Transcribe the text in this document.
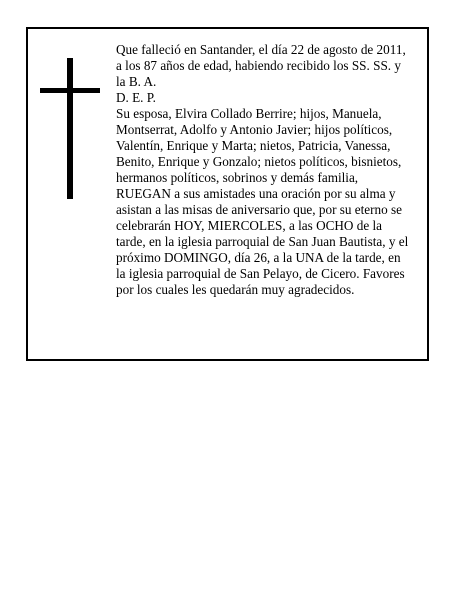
Que falleció en Santander, el día 22 de agosto de 2011,

a los 87 años de edad, habiendo recibido los SS. SS. y

la B. A.

D. E. P.

Su esposa, Elvira Collado Berrire; hijos, Manuela,

Montserrat, Adolfo y Antonio Javier; hijos políticos,

Valentín, Enrique y Marta; nietos, Patricia, Vanessa,

Benito, Enrique y Gonzalo; nietos políticos, bisnietos,

hermanos políticos, sobrinos y demás familia,

RUEGAN a sus amistades una oración por su alma y

asistan a las misas de aniversario que, por su eterno se

celebrarán HOY, MIERCOLES, a las OCHO de la

tarde, en la iglesia parroquial de San Juan Bautista, y el

próximo DOMINGO, día 26, a la UNA de la tarde, en

la iglesia parroquial de San Pelayo, de Cicero. Favores

por los cuales les quedarán muy agradecidos.
